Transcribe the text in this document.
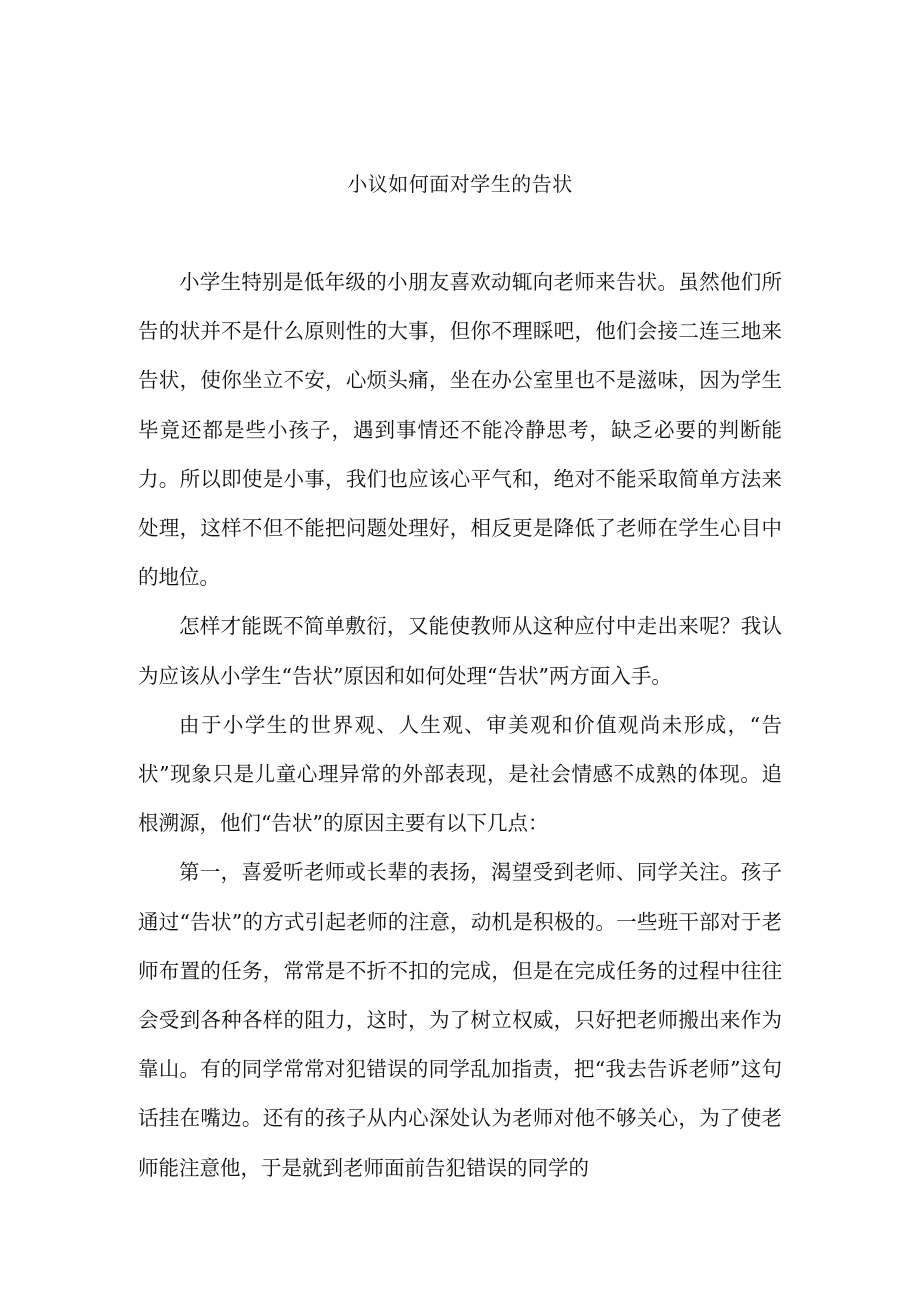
小议如何面对学生的告状

小学生特别是低年级的小朋友喜欢动辄向老师来告状。虽然他们所告的状并不是什么原则性的大事，但你不理睬吧，他们会接二连三地来告状，使你坐立不安，心烦头痛，坐在办公室里也不是滋味，因为学生毕竟还都是些小孩子，遇到事情还不能冷静思考，缺乏必要的判断能力。所以即使是小事，我们也应该心平气和，绝对不能采取简单方法来处理，这样不但不能把问题处理好，相反更是降低了老师在学生心目中的地位。

怎样才能既不简单敷衍，又能使教师从这种应付中走出来呢？我认为应该从小学生“告状”原因和如何处理“告状”两方面入手。

由于小学生的世界观、人生观、审美观和价值观尚未形成，“告状”现象只是儿童心理异常的外部表现，是社会情感不成熟的体现。追根溯源，他们“告状”的原因主要有以下几点：

第一，喜爱听老师或长辈的表扬，渴望受到老师、同学关注。孩子通过“告状”的方式引起老师的注意，动机是积极的。一些班干部对于老师布置的任务，常常是不折不扣的完成，但是在完成任务的过程中往往会受到各种各样的阻力，这时，为了树立权威，只好把老师搬出来作为靠山。有的同学常常对犯错误的同学乱加指责，把“我去告诉老师”这句话挂在嘴边。还有的孩子从内心深处认为老师对他不够关心，为了使老师能注意他，于是就到老师面前告犯错误的同学的
